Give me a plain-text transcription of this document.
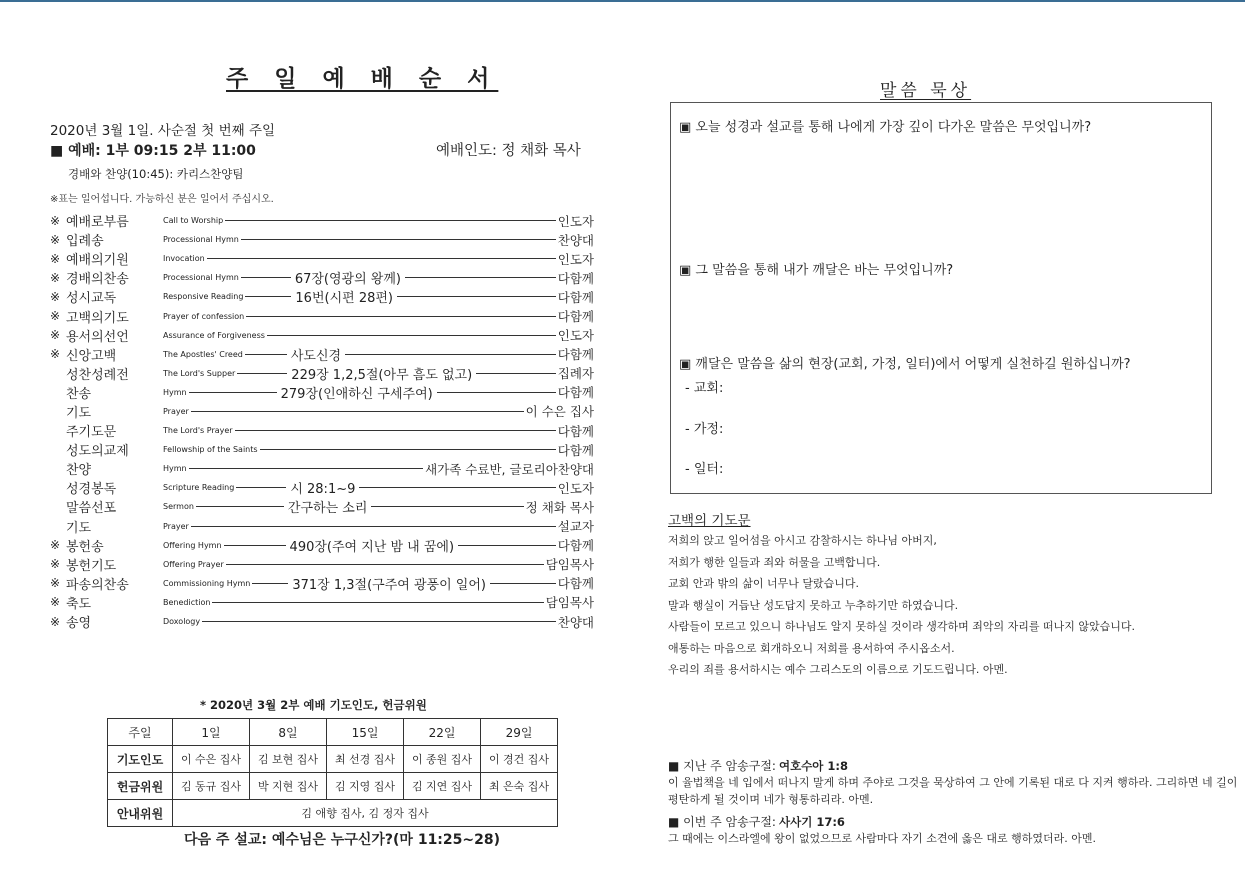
주 일 예 배 순 서
2020년 3월 1일. 사순절 첫 번째 주일
■ 예배: 1부 09:15 2부 11:00	예배인도: 정 채화 목사
경배와 찬양(10:45): 카리스찬양팀
※표는 일어섭니다. 가능하신 분은 일어서 주십시오.
※ 예배로부름	Call to Worship	인도자
※ 입례송	Processional Hymn	찬양대
※ 예배의기원	Invocation	인도자
※ 경배의찬송	Processional Hymn	67장(영광의 왕께)	다함께
※ 성시교독	Responsive Reading	16번(시편 28편)	다함께
※ 고백의기도	Prayer of confession	다함께
※ 용서의선언	Assurance of Forgiveness	인도자
※ 신앙고백	The Apostles' Creed	사도신경	다함께
성찬성례전	The Lord's Supper	229장 1,2,5절(아무 흠도 없고)	집례자
찬송	Hymn	279장(인애하신 구세주여)	다함께
기도	Prayer	이 수은 집사
주기도문	The Lord's Prayer	다함께
성도의교제	Fellowship of the Saints	다함께
찬양	Hymn	새가족 수료반, 글로리아찬양대
성경봉독	Scripture Reading	시 28:1~9	인도자
말씀선포	Sermon	간구하는 소리	정 채화 목사
기도	Prayer	설교자
※ 봉헌송	Offering Hymn	490장(주여 지난 밤 내 꿈에)	다함께
※ 봉헌기도	Offering Prayer	담임목사
※ 파송의찬송	Commissioning Hymn	371장 1,3절(구주여 광풍이 일어)	다함께
※ 축도	Benediction	담임목사
※ 송영	Doxology	찬양대
* 2020년 3월 2부 예배 기도인도, 헌금위원
주일	1일	8일	15일	22일	29일
기도인도	이 수은 집사	김 보현 집사	최 선경 집사	이 종원 집사	이 경건 집사
헌금위원	김 동규 집사	박 지현 집사	김 지영 집사	김 지연 집사	최 은숙 집사
안내위원	김 애향 집사, 김 정자 집사				
다음 주 설교: 예수님은 누구신가?(마 11:25~28)
말씀 묵상
▣ 오늘 성경과 설교를 통해 나에게 가장 깊이 다가온 말씀은 무엇입니까?
▣ 그 말씀을 통해 내가 깨달은 바는 무엇입니까?
▣ 깨달은 말씀을 삶의 현장(교회, 가정, 일터)에서 어떻게 실천하길 원하십니까?
- 교회:
- 가정:
- 일터:
고백의 기도문
저희의 앉고 일어섬을 아시고 감찰하시는 하나님 아버지,
저희가 행한 일들과 죄와 허물을 고백합니다.
교회 안과 밖의 삶이 너무나 달랐습니다.
말과 행실이 거듭난 성도답지 못하고 누추하기만 하였습니다.
사람들이 모르고 있으니 하나님도 알지 못하실 것이라 생각하며 죄악의 자리를 떠나지 않았습니다.
애통하는 마음으로 회개하오니 저희를 용서하여 주시옵소서.
우리의 죄를 용서하시는 예수 그리스도의 이름으로 기도드립니다. 아멘.
■ 지난 주 암송구절: 여호수아 1:8
이 율법책을 네 입에서 떠나지 말게 하며 주야로 그것을 묵상하여 그 안에 기록된 대로 다 지켜 행하라. 그리하면 네 길이 평탄하게 될 것이며 네가 형통하리라. 아멘.
■ 이번 주 암송구절: 사사기 17:6
그 때에는 이스라엘에 왕이 없었으므로 사람마다 자기 소견에 옳은 대로 행하였더라. 아멘.
